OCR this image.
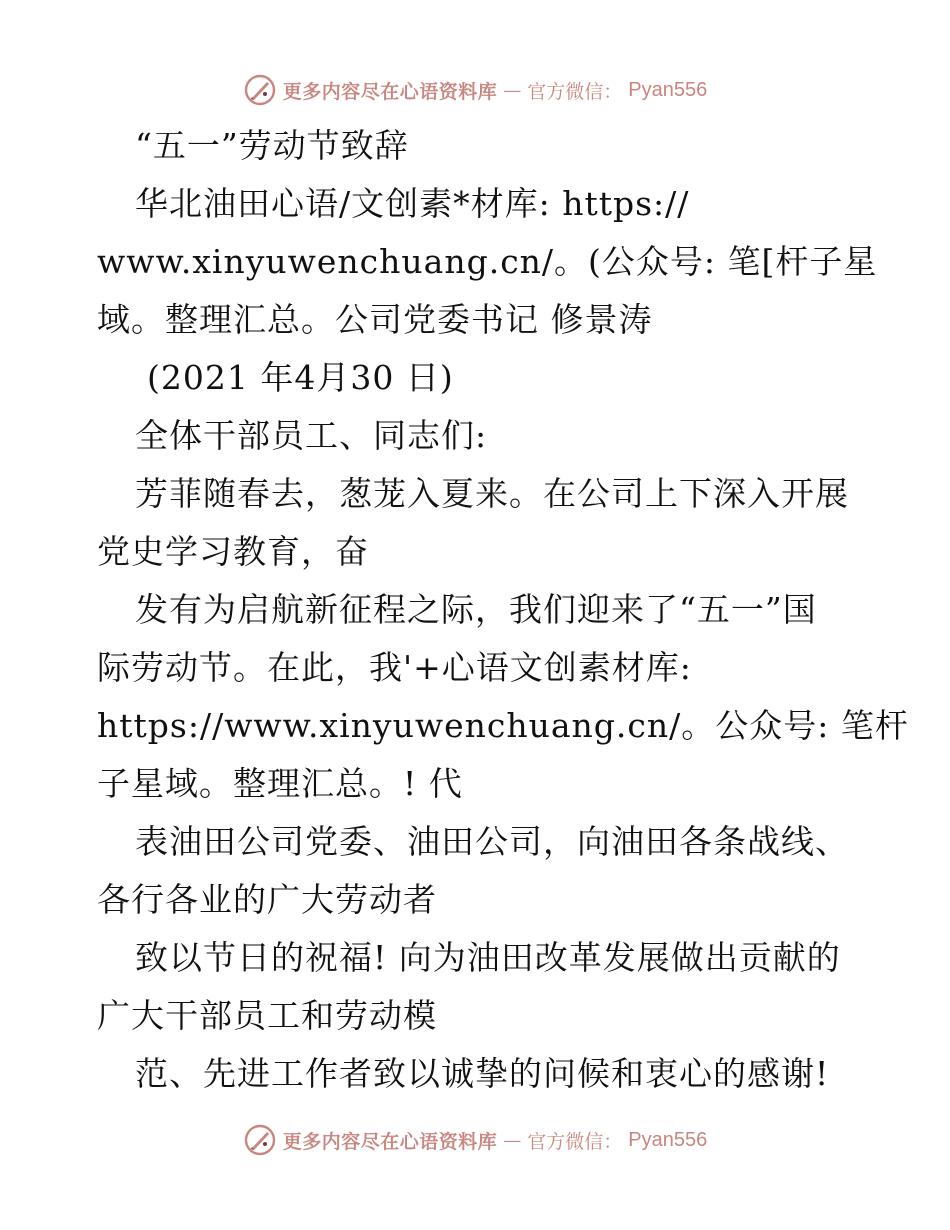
更多内容尽在心语资料库 — 官方微信： Pyan556
“五一”劳动节致辞
华北油田心语/文创素*材库: https://
www.xinyuwenchuang.cn/。(公众号: 笔[杆子星
域。整理汇总。公司党委书记 修景涛
(2021 年4月30 日)
全体干部员工、同志们:
芳菲随春去，葱茏入夏来。在公司上下深入开展
党史学习教育，奋
发有为启航新征程之际，我们迎来了“五一”国
际劳动节。在此，我'+心语文创素材库:
https://www.xinyuwenchuang.cn/。公众号: 笔杆
子星域。整理汇总。! 代
表油田公司党委、油田公司，向油田各条战线、
各行各业的广大劳动者
致以节日的祝福! 向为油田改革发展做出贡献的
广大干部员工和劳动模
范、先进工作者致以诚挚的问候和衷心的感谢!
更多内容尽在心语资料库 — 官方微信： Pyan556
